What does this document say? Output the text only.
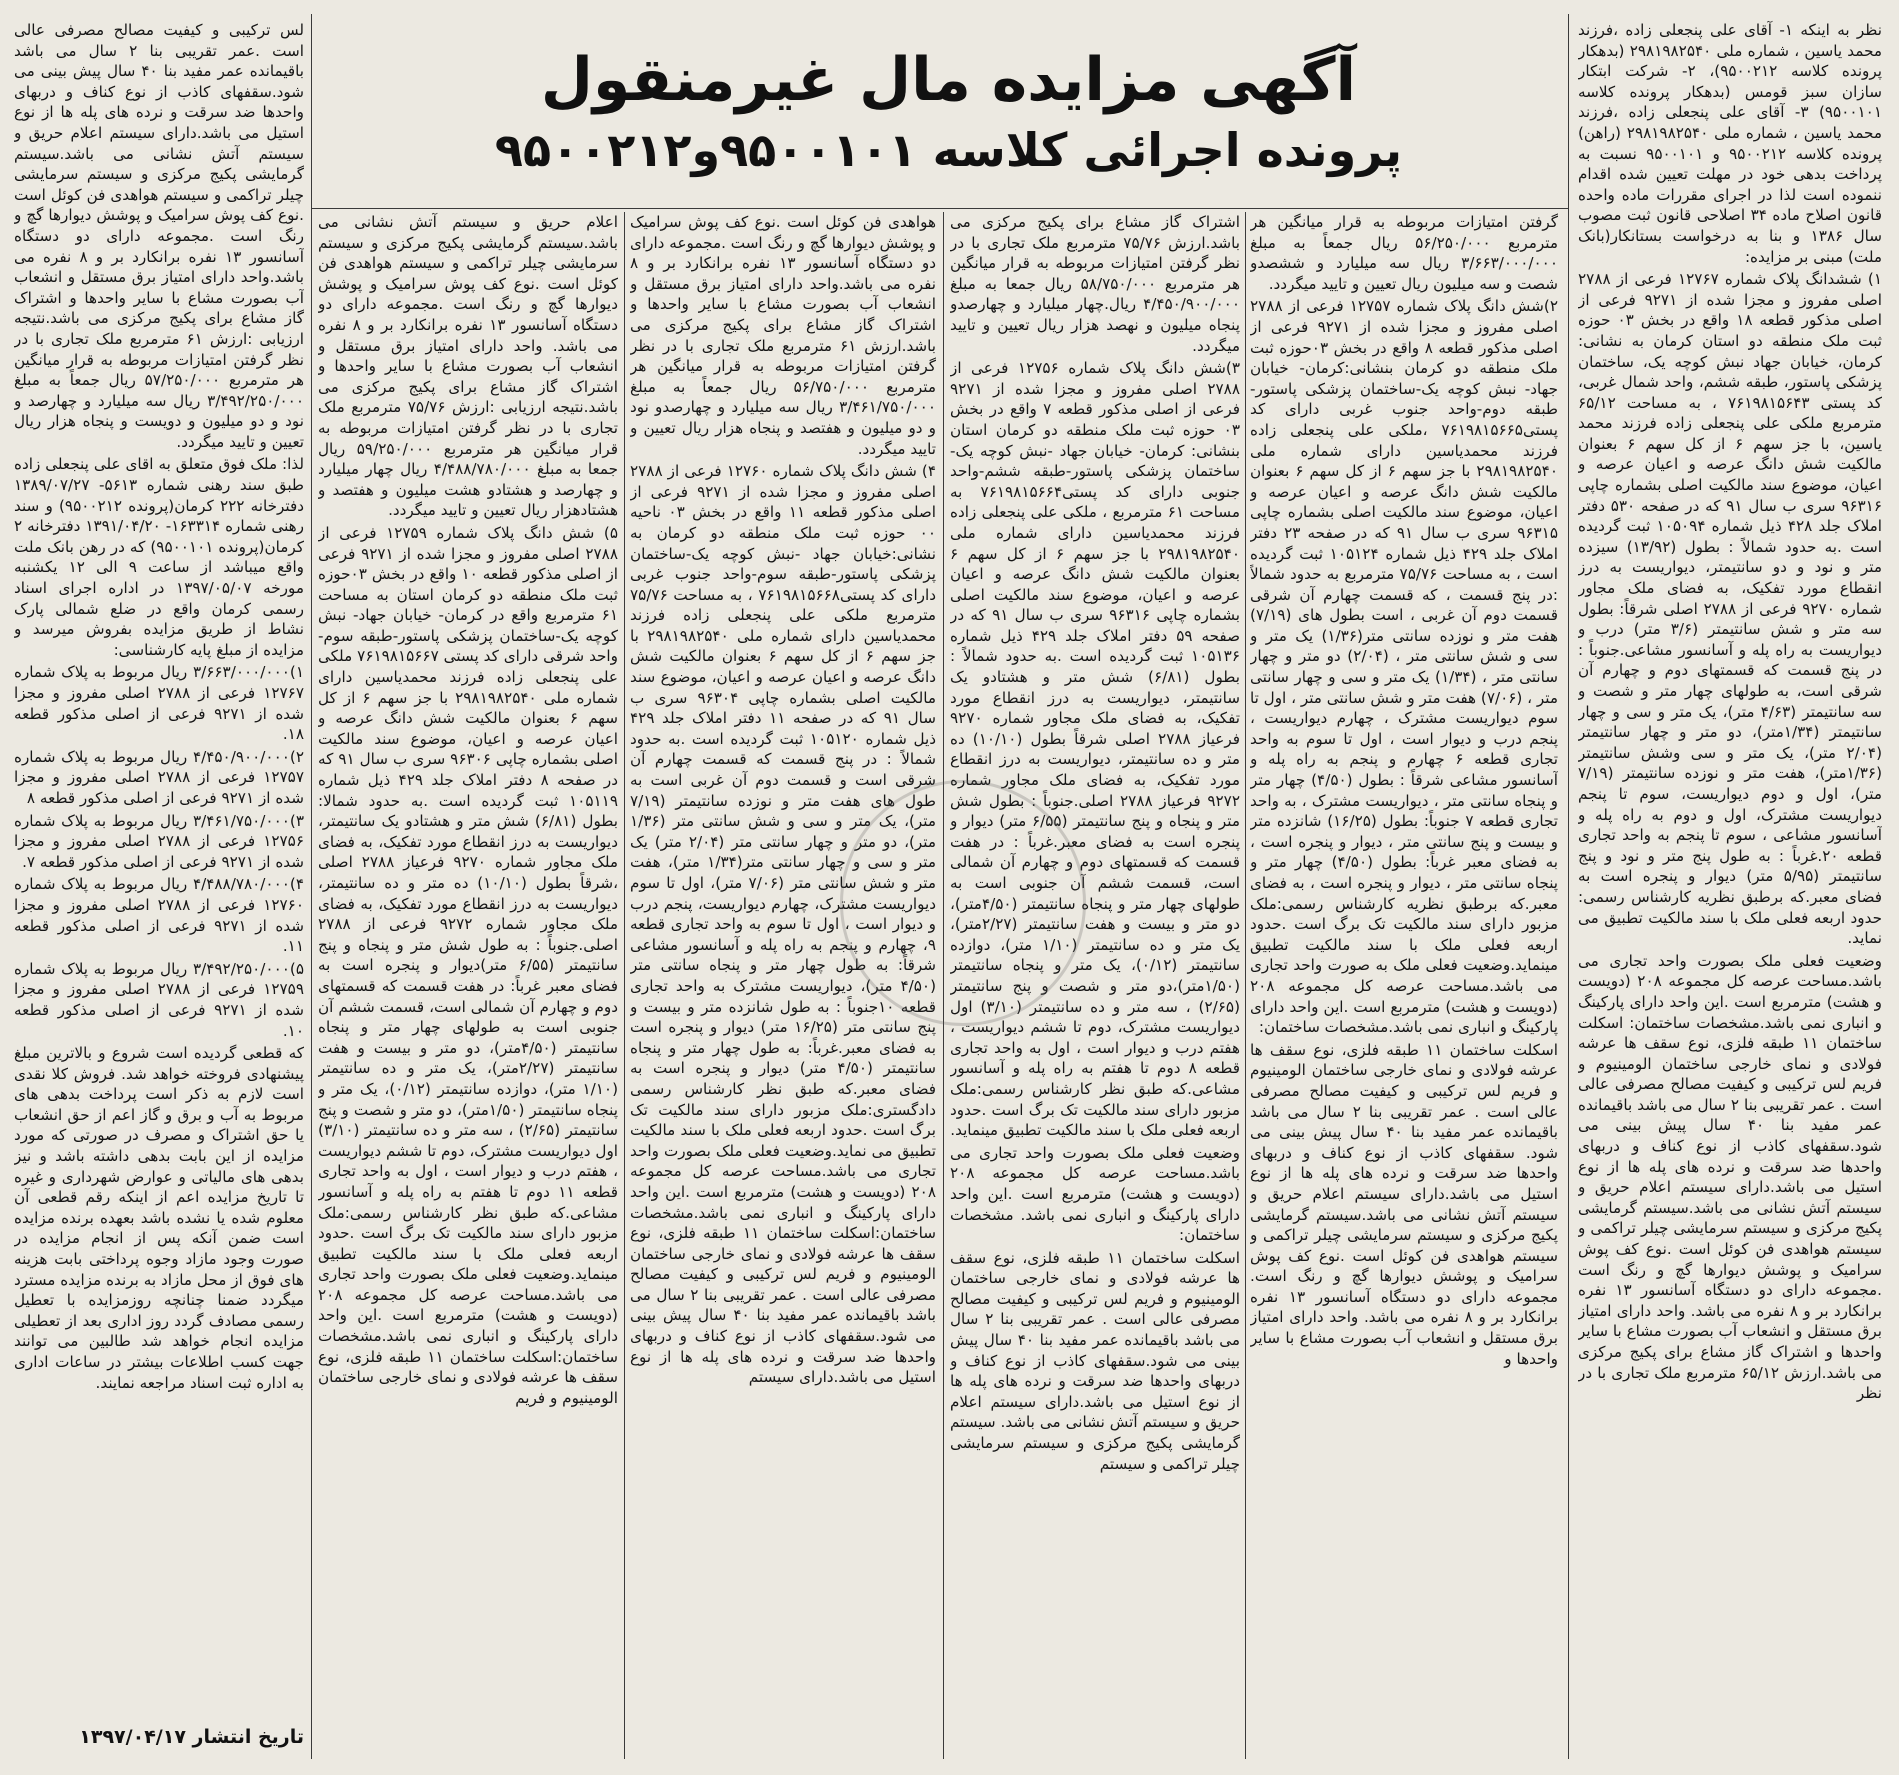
آگهی مزایده مال غیرمنقول
پرونده اجرائی کلاسه ۹۵۰۰۱۰۱و۹۵۰۰۲۱۲

نظر به اینکه ۱- آقای علی پنجعلی زاده ،فرزند محمد یاسین ، شماره ملی ۲۹۸۱۹۸۲۵۴۰ (بدهکار پرونده کلاسه ۹۵۰۰۲۱۲)، ۲- شرکت ابتکار سازان سبز قومس (بدهکار پرونده کلاسه ۹۵۰۰۱۰۱) ۳- آقای علی پنجعلی زاده ،فرزند محمد یاسین ، شماره ملی ۲۹۸۱۹۸۲۵۴۰ (راهن) پرونده کلاسه ۹۵۰۰۲۱۲ و ۹۵۰۰۱۰۱ نسبت به پرداخت بدهی خود در مهلت تعیین شده اقدام ننموده است لذا در اجرای مقررات ماده واحده قانون اصلاح ماده ۳۴ اصلاحی قانون ثبت مصوب سال ۱۳۸۶ و بنا به درخواست بستانکار(بانک ملت) مبنی بر مزایده:

۱) ششدانگ پلاک شماره ۱۲۷۶۷ فرعی از ۲۷۸۸ اصلی مفروز و مجزا شده از ۹۲۷۱ فرعی از اصلی مذکور قطعه ۱۸ واقع در بخش ۰۳ حوزه ثبت ملک منطقه دو استان کرمان به نشانی: کرمان، خیابان جهاد نبش کوچه یک، ساختمان پزشکی پاستور، طبقه ششم، واحد شمال غربی، کد پستی ۷۶۱۹۸۱۵۶۴۳ ، به مساحت ۶۵/۱۲ مترمربع ملکی علی پنجعلی زاده فرزند محمد یاسین، با جز سهم ۶ از کل سهم ۶ بعنوان مالکیت شش دانگ عرصه و اعیان عرصه و اعیان، موضوع سند مالکیت اصلی بشماره چاپی ۹۶۳۱۶ سری ب سال ۹۱ که در صفحه ۵۳۰ دفتر املاک جلد ۴۲۸ ذیل شماره ۱۰۵۰۹۴ ثبت گردیده است .به حدود شمالاً : بطول (۱۳/۹۲) سیزده متر و نود و دو سانتیمتر، دیواریست به درز انقطاع مورد تفکیک، به فضای ملک مجاور شماره ۹۲۷۰ فرعی از ۲۷۸۸ اصلی شرقاً: بطول سه متر و شش سانتیمتر (۳/۶ متر) درب و دیواریست به راه پله و آسانسور مشاعی.جنوباً : در پنج قسمت که قسمتهای دوم و چهارم آن شرقی است، به طولهای چهار متر و شصت و سه سانتیمتر (۴/۶۳ متر)، یک متر و سی و چهار سانتیمتر (۱/۳۴متر)، دو متر و چهار سانتیمتر (۲/۰۴ متر)، یک متر و سی وشش سانتیمتر (۱/۳۶متر)، هفت متر و نوزده سانتیمتر (۷/۱۹ متر)، اول و دوم دیواریست، سوم تا پنجم دیواریست مشترک، اول و دوم به راه پله و آسانسور مشاعی ، سوم تا پنجم به واحد تجاری قطعه ۲۰.غرباً : به طول پنج متر و نود و پنج سانتیمتر (۵/۹۵ متر) دیوار و پنجره است به فضای معبر.که برطبق نظریه کارشناس رسمی: حدود اربعه فعلی ملک با سند مالکیت تطبیق می نماید.

وضعیت فعلی ملک بصورت واحد تجاری می باشد.مساحت عرصه کل مجموعه ۲۰۸ (دویست و هشت) مترمربع است .این واحد دارای پارکینگ و انباری نمی باشد.مشخصات ساختمان: اسکلت ساختمان ۱۱ طبقه فلزی، نوع سقف ها عرشه فولادی و نمای خارجی ساختمان الومینیوم و فریم لس ترکیبی و کیفیت مصالح مصرفی عالی است . عمر تقریبی بنا ۲ سال می باشد باقیمانده عمر مفید بنا ۴۰ سال پیش بینی می شود.سقفهای کاذب از نوع کناف و دربهای واحدها ضد سرقت و نرده های پله ها از نوع استیل می باشد.دارای سیستم اعلام حریق و سیستم آتش نشانی می باشد.سیستم گرمایشی پکیج مرکزی و سیستم سرمایشی چیلر تراکمی و سیستم هواهدی فن کوئل است .نوع کف پوش سرامیک و پوشش دیوارها گچ و رنگ است .مجموعه دارای دو دستگاه آسانسور ۱۳ نفره برانکارد بر و ۸ نفره می باشد. واحد دارای امتیاز برق مستقل و انشعاب آب بصورت مشاع با سایر واحدها و اشتراک گاز مشاع برای پکیج مرکزی می باشد.ارزش ۶۵/۱۲ مترمربع ملک تجاری با در نظر

گرفتن امتیازات مربوطه به قرار میانگین هر مترمربع ۵۶/۲۵۰/۰۰۰ ریال جمعاً به مبلغ ۳/۶۶۳/۰۰۰/۰۰۰ ریال سه میلیارد و ششصدو شصت و سه میلیون ریال تعیین و تایید میگردد.

۲)شش دانگ پلاک شماره ۱۲۷۵۷ فرعی از ۲۷۸۸ اصلی مفروز و مجزا شده از ۹۲۷۱ فرعی از اصلی مذکور قطعه ۸ واقع در بخش ۰۳حوزه ثبت ملک منطقه دو کرمان بنشانی:کرمان- خیابان جهاد- نبش کوچه یک-ساختمان پزشکی پاستور-طبقه دوم-واحد جنوب غربی دارای کد پستی۷۶۱۹۸۱۵۶۶۵ ،ملکی علی پنجعلی زاده فرزند محمدیاسین دارای شماره ملی ۲۹۸۱۹۸۲۵۴۰ با جز سهم ۶ از کل سهم ۶ بعنوان مالکیت شش دانگ عرصه و اعیان عرصه و اعیان، موضوع سند مالکیت اصلی بشماره چاپی ۹۶۳۱۵ سری ب سال ۹۱ که در صفحه ۲۳ دفتر املاک جلد ۴۲۹ ذیل شماره ۱۰۵۱۲۴ ثبت گردیده است ، به مساحت ۷۵/۷۶ مترمربع به حدود شمالاً :در پنج قسمت ، که قسمت چهارم آن شرقی قسمت دوم آن غربی ، است بطول های (۷/۱۹) هفت متر و نوزده سانتی متر(۱/۳۶) یک متر و سی و شش سانتی متر ، (۲/۰۴) دو متر و چهار سانتی متر ، (۱/۳۴) یک متر و سی و چهار سانتی متر ، (۷/۰۶) هفت متر و شش سانتی متر ، اول تا سوم دیواریست مشترک ، چهارم دیواریست ، پنجم درب و دیوار است ، اول تا سوم به واحد تجاری قطعه ۶ چهارم و پنجم به راه پله و آسانسور مشاعی شرقاً : بطول (۴/۵۰) چهار متر و پنجاه سانتی متر ، دیواریست مشترک ، به واحد تجاری قطعه ۷ جنوباً: بطول (۱۶/۲۵) شانزده متر و بیست و پنج سانتی متر ، دیوار و پنجره است ، به فضای معبر غرباً: بطول (۴/۵۰) چهار متر و پنجاه سانتی متر ، دیوار و پنجره است ، به فضای معبر.که برطبق نظریه کارشناس رسمی:ملک مزبور دارای سند مالکیت تک برگ است .حدود اربعه فعلی ملک با سند مالکیت تطبیق مینماید.وضعیت فعلی ملک به صورت واحد تجاری می باشد.مساحت عرصه کل مجموعه ۲۰۸ (دویست و هشت) مترمربع است .این واحد دارای پارکینگ و انباری نمی باشد.مشخصات ساختمان:

اسکلت ساختمان ۱۱ طبقه فلزی، نوع سقف ها عرشه فولادی و نمای خارجی ساختمان الومینیوم و فریم لس ترکیبی و کیفیت مصالح مصرفی عالی است . عمر تقریبی بنا ۲ سال می باشد باقیمانده عمر مفید بنا ۴۰ سال پیش بینی می شود. سقفهای کاذب از نوع کناف و دربهای واحدها ضد سرقت و نرده های پله ها از نوع استیل می باشد.دارای سیستم اعلام حریق و سیستم آتش نشانی می باشد.سیستم گرمایشی پکیج مرکزی و سیستم سرمایشی چیلر تراکمی و سیستم هواهدی فن کوئل است .نوع کف پوش سرامیک و پوشش دیوارها گچ و رنگ است. مجموعه دارای دو دستگاه آسانسور ۱۳ نفره برانکارد بر و ۸ نفره می باشد. واحد دارای امتیاز برق مستقل و انشعاب آب بصورت مشاع با سایر واحدها و

اشتراک گاز مشاع برای پکیج مرکزی می باشد.ارزش ۷۵/۷۶ مترمربع ملک تجاری با در نظر گرفتن امتیازات مربوطه به قرار میانگین هر مترمربع ۵۸/۷۵۰/۰۰۰ ریال جمعا به مبلغ ۴/۴۵۰/۹۰۰/۰۰۰ ریال.چهار میلیارد و چهارصدو پنجاه میلیون و نهصد هزار ریال تعیین و تایید میگردد.

۳)شش دانگ پلاک شماره ۱۲۷۵۶ فرعی از ۲۷۸۸ اصلی مفروز و مجزا شده از ۹۲۷۱ فرعی از اصلی مذکور قطعه ۷ واقع در بخش ۰۳ حوزه ثبت ملک منطقه دو کرمان استان بنشانی: کرمان- خیابان جهاد -نبش کوچه یک-ساختمان پزشکی پاستور-طبقه ششم-واحد جنوبی دارای کد پستی۷۶۱۹۸۱۵۶۶۴ به مساحت ۶۱ مترمربع ، ملکی علی پنجعلی زاده فرزند محمدیاسین دارای شماره ملی ۲۹۸۱۹۸۲۵۴۰ با جز سهم ۶ از کل سهم ۶ بعنوان مالکیت شش دانگ عرصه و اعیان عرصه و اعیان، موضوع سند مالکیت اصلی بشماره چاپی ۹۶۳۱۶ سری ب سال ۹۱ که در صفحه ۵۹ دفتر املاک جلد ۴۲۹ ذیل شماره ۱۰۵۱۳۶ ثبت گردیده است .به حدود شمالاً : بطول (۶/۸۱) شش متر و هشتادو یک سانتیمتر، دیواریست به درز انقطاع مورد تفکیک، به فضای ملک مجاور شماره ۹۲۷۰ فرعیاز ۲۷۸۸ اصلی شرقاً بطول (۱۰/۱۰) ده متر و ده سانتیمتر، دیواریست به درز انقطاع مورد تفکیک، به فضای ملک مجاور شماره ۹۲۷۲ فرعیاز ۲۷۸۸ اصلی.جنوباً : بطول شش متر و پنجاه و پنج سانتیمتر (۶/۵۵ متر) دیوار و پنجره است به فضای معبر.غرباً : در هفت قسمت که قسمتهای دوم و چهارم آن شمالی است، قسمت ششم آن جنوبی است به طولهای چهار متر و پنجاه سانتیمتر (۴/۵۰متر)، دو متر و بیست و هفت سانتیمتر (۲/۲۷متر)، یک متر و ده سانتیمتر (۱/۱۰ متر)، دوازده سانتیمتر (۰/۱۲)، یک متر و پنجاه سانتیمتر (۱/۵۰متر)،دو متر و شصت و پنج سانتیمتر (۲/۶۵) ، سه متر و ده سانتیمتر (۳/۱۰) اول دیواریست مشترک، دوم تا ششم دیواریست ، هفتم درب و دیوار است ، اول به واحد تجاری قطعه ۸ دوم تا هفتم به راه پله و آسانسور مشاعی.که طبق نظر کارشناس رسمی:ملک مزبور دارای سند مالکیت تک برگ است .حدود اربعه فعلی ملک با سند مالکیت تطبیق مینماید.

وضعیت فعلی ملک بصورت واحد تجاری می باشد.مساحت عرصه کل مجموعه ۲۰۸ (دویست و هشت) مترمربع است .این واحد دارای پارکینگ و انباری نمی باشد. مشخصات ساختمان:

اسکلت ساختمان ۱۱ طبقه فلزی، نوع سقف ها عرشه فولادی و نمای خارجی ساختمان الومینیوم و فریم لس ترکیبی و کیفیت مصالح مصرفی عالی است . عمر تقریبی بنا ۲ سال می باشد باقیمانده عمر مفید بنا ۴۰ سال پیش بینی می شود.سقفهای کاذب از نوع کناف و دربهای واحدها ضد سرقت و نرده های پله ها از نوع استیل می باشد.دارای سیستم اعلام حریق و سیستم آتش نشانی می باشد. سیستم گرمایشی پکیج مرکزی و سیستم سرمایشی چیلر تراکمی و سیستم

هواهدی فن کوئل است .نوع کف پوش سرامیک و پوشش دیوارها گچ و رنگ است .مجموعه دارای دو دستگاه آسانسور ۱۳ نفره برانکارد بر و ۸ نفره می باشد.واحد دارای امتیاز برق مستقل و انشعاب آب بصورت مشاع با سایر واحدها و اشتراک گاز مشاع برای پکیج مرکزی می باشد.ارزش ۶۱ مترمربع ملک تجاری با در نظر گرفتن امتیازات مربوطه به قرار میانگین هر مترمربع ۵۶/۷۵۰/۰۰۰ ریال جمعاً به مبلغ ۳/۴۶۱/۷۵۰/۰۰۰ ریال سه میلیارد و چهارصدو نود و دو میلیون و هفتصد و پنجاه هزار ریال تعیین و تایید میگردد.

۴) شش دانگ پلاک شماره ۱۲۷۶۰ فرعی از ۲۷۸۸ اصلی مفروز و مجزا شده از ۹۲۷۱ فرعی از اصلی مذکور قطعه ۱۱ واقع در بخش ۰۳ ناحیه ۰۰ حوزه ثبت ملک منطقه دو کرمان به نشانی:خیابان جهاد -نبش کوچه یک-ساختمان پزشکی پاستور-طبقه سوم-واحد جنوب غربی دارای کد پستی۷۶۱۹۸۱۵۶۶۸ ، به مساحت ۷۵/۷۶ مترمربع ملکی علی پنجعلی زاده فرزند محمدیاسین دارای شماره ملی ۲۹۸۱۹۸۲۵۴۰ با جز سهم ۶ از کل سهم ۶ بعنوان مالکیت شش دانگ عرصه و اعیان عرصه و اعیان، موضوع سند مالکیت اصلی بشماره چاپی ۹۶۳۰۴ سری ب سال ۹۱ که در صفحه ۱۱ دفتر املاک جلد ۴۲۹ ذیل شماره ۱۰۵۱۲۰ ثبت گردیده است .به حدود شمالاً : در پنج قسمت که قسمت چهارم آن شرقی است و قسمت دوم آن غربی است به طول های هفت متر و نوزده سانتیمتر (۷/۱۹ متر)، یک متر و سی و شش سانتی متر (۱/۳۶ متر)، دو متر و چهار سانتی متر (۲/۰۴ متر) یک متر و سی و چهار سانتی متر(۱/۳۴ متر)، هفت متر و شش سانتی متر (۷/۰۶ متر)، اول تا سوم دیواریست مشترک، چهارم دیواریست، پنجم درب و دیوار است ، اول تا سوم به واحد تجاری قطعه ۹، چهارم و پنجم به راه پله و آسانسور مشاعی شرقاً: به طول چهار متر و پنجاه سانتی متر (۴/۵۰ متر)، دیواریست مشترک به واحد تجاری قطعه ۱۰جنوباً : به طول شانزده متر و بیست و پنج سانتی متر (۱۶/۲۵ متر) دیوار و پنجره است به فضای معبر.غرباً: به طول چهار متر و پنجاه سانتیمتر (۴/۵۰ متر) دیوار و پنجره است به فضای معبر.که طبق نظر کارشناس رسمی دادگستری:ملک مزبور دارای سند مالکیت تک برگ است .حدود اربعه فعلی ملک با سند مالکیت تطبیق می نماید.وضعیت فعلی ملک بصورت واحد تجاری می باشد.مساحت عرصه کل مجموعه ۲۰۸ (دویست و هشت) مترمربع است .این واحد دارای پارکینگ و انباری نمی باشد.مشخصات ساختمان:اسکلت ساختمان ۱۱ طبقه فلزی، نوع سقف ها عرشه فولادی و نمای خارجی ساختمان الومینیوم و فریم لس ترکیبی و کیفیت مصالح مصرفی عالی است . عمر تقریبی بنا ۲ سال می باشد باقیمانده عمر مفید بنا ۴۰ سال پیش بینی می شود.سقفهای کاذب از نوع کناف و دربهای واحدها ضد سرقت و نرده های پله ها از نوع استیل می باشد.دارای سیستم

اعلام حریق و سیستم آتش نشانی می باشد.سیستم گرمایشی پکیج مرکزی و سیستم سرمایشی چیلر تراکمی و سیستم هواهدی فن کوئل است .نوع کف پوش سرامیک و پوشش دیوارها گچ و رنگ است .مجموعه دارای دو دستگاه آسانسور ۱۳ نفره برانکارد بر و ۸ نفره می باشد. واحد دارای امتیاز برق مستقل و انشعاب آب بصورت مشاع با سایر واحدها و اشتراک گاز مشاع برای پکیج مرکزی می باشد.نتیجه ارزیابی :ارزش ۷۵/۷۶ مترمربع ملک تجاری با در نظر گرفتن امتیازات مربوطه به قرار میانگین هر مترمربع ۵۹/۲۵۰/۰۰۰ ریال جمعا به مبلغ ۴/۴۸۸/۷۸۰/۰۰۰ ریال چهار میلیارد و چهارصد و هشتادو هشت میلیون و هفتصد و هشتادهزار ریال تعیین و تایید میگردد.

۵) شش دانگ پلاک شماره ۱۲۷۵۹ فرعی از ۲۷۸۸ اصلی مفروز و مجزا شده از ۹۲۷۱ فرعی از اصلی مذکور قطعه ۱۰ واقع در بخش ۰۳حوزه ثبت ملک منطقه دو کرمان استان به مساحت ۶۱ مترمربع واقع در کرمان- خیابان جهاد- نبش کوچه یک-ساختمان پزشکی پاستور-طبقه سوم-واحد شرقی دارای کد پستی ۷۶۱۹۸۱۵۶۶۷ ملکی علی پنجعلی زاده فرزند محمدیاسین دارای شماره ملی ۲۹۸۱۹۸۲۵۴۰ با جز سهم ۶ از کل سهم ۶ بعنوان مالکیت شش دانگ عرصه و اعیان عرصه و اعیان، موضوع سند مالکیت اصلی بشماره چاپی ۹۶۳۰۶ سری ب سال ۹۱ که در صفحه ۸ دفتر املاک جلد ۴۲۹ ذیل شماره ۱۰۵۱۱۹ ثبت گردیده است .به حدود شمالا: بطول (۶/۸۱) شش متر و هشتادو یک سانتیمتر، دیواریست به درز انقطاع مورد تفکیک، به فضای ملک مجاور شماره ۹۲۷۰ فرعیاز ۲۷۸۸ اصلی ،شرقاً بطول (۱۰/۱۰) ده متر و ده سانتیمتر، دیواریست به درز انقطاع مورد تفکیک، به فضای ملک مجاور شماره ۹۲۷۲ فرعی از ۲۷۸۸ اصلی.جنوباً : به طول شش متر و پنجاه و پنج سانتیمتر (۶/۵۵ متر)دیوار و پنجره است به فضای معبر غرباً: در هفت قسمت که قسمتهای دوم و چهارم آن شمالی است، قسمت ششم آن جنوبی است به طولهای چهار متر و پنجاه سانتیمتر (۴/۵۰متر)، دو متر و بیست و هفت سانتیمتر (۲/۲۷متر)، یک متر و ده سانتیمتر (۱/۱۰ متر)، دوازده سانتیمتر (۰/۱۲)، یک متر و پنجاه سانتیمتر (۱/۵۰متر)، دو متر و شصت و پنج سانتیمتر (۲/۶۵) ، سه متر و ده سانتیمتر (۳/۱۰) اول دیواریست مشترک، دوم تا ششم دیواریست ، هفتم درب و دیوار است ، اول به واحد تجاری قطعه ۱۱ دوم تا هفتم به راه پله و آسانسور مشاعی.که طبق نظر کارشناس رسمی:ملک مزبور دارای سند مالکیت تک برگ است .حدود اربعه فعلی ملک با سند مالکیت تطبیق مینماید.وضعیت فعلی ملک بصورت واحد تجاری می باشد.مساحت عرصه کل مجموعه ۲۰۸ (دویست و هشت) مترمربع است .این واحد دارای پارکینگ و انباری نمی باشد.مشخصات ساختمان:اسکلت ساختمان ۱۱ طبقه فلزی، نوع سقف ها عرشه فولادی و نمای خارجی ساختمان الومینیوم و فریم

لس ترکیبی و کیفیت مصالح مصرفی عالی است .عمر تقریبی بنا ۲ سال می باشد باقیمانده عمر مفید بنا ۴۰ سال پیش بینی می شود.سقفهای کاذب از نوع کناف و دربهای واحدها ضد سرقت و نرده های پله ها از نوع استیل می باشد.دارای سیستم اعلام حریق و سیستم آتش نشانی می باشد.سیستم گرمایشی پکیج مرکزی و سیستم سرمایشی چیلر تراکمی و سیستم هواهدی فن کوئل است .نوع کف پوش سرامیک و پوشش دیوارها گچ و رنگ است .مجموعه دارای دو دستگاه آسانسور ۱۳ نفره برانکارد بر و ۸ نفره می باشد.واحد دارای امتیاز برق مستقل و انشعاب آب بصورت مشاع با سایر واحدها و اشتراک گاز مشاع برای پکیج مرکزی می باشد.نتیجه ارزیابی :ارزش ۶۱ مترمربع ملک تجاری با در نظر گرفتن امتیازات مربوطه به قرار میانگین هر مترمربع ۵۷/۲۵۰/۰۰۰ ریال جمعاً به مبلغ ۳/۴۹۲/۲۵۰/۰۰۰ ریال سه میلیارد و چهارصد و نود و دو میلیون و دویست و پنجاه هزار ریال تعیین و تایید میگردد.

لذا: ملک فوق متعلق به اقای علی پنجعلی زاده طبق سند رهنی شماره ۵۶۱۳- ۱۳۸۹/۰۷/۲۷ دفترخانه ۲۲۲ کرمان(پرونده ۹۵۰۰۲۱۲) و سند رهنی شماره ۱۶۳۳۱۴- ۱۳۹۱/۰۴/۲۰ دفترخانه ۲ کرمان(پرونده ۹۵۰۰۱۰۱) که در رهن بانک ملت واقع میباشد از ساعت ۹ الی ۱۲ یکشنبه مورخه ۱۳۹۷/۰۵/۰۷ در اداره اجرای اسناد رسمی کرمان واقع در ضلع شمالی پارک نشاط از طریق مزایده بفروش میرسد و مزایده از مبلغ پایه کارشناسی:

۱)۳/۶۶۳/۰۰۰/۰۰۰ ریال مربوط به پلاک شماره ۱۲۷۶۷ فرعی از ۲۷۸۸ اصلی مفروز و مجزا شده از ۹۲۷۱ فرعی از اصلی مذکور قطعه ۱۸.

۲)۴/۴۵۰/۹۰۰/۰۰۰ ریال مربوط به پلاک شماره ۱۲۷۵۷ فرعی از ۲۷۸۸ اصلی مفروز و مجزا شده از ۹۲۷۱ فرعی از اصلی مذکور قطعه ۸

۳)۳/۴۶۱/۷۵۰/۰۰۰ ریال مربوط به پلاک شماره ۱۲۷۵۶ فرعی از ۲۷۸۸ اصلی مفروز و مجزا شده از ۹۲۷۱ فرعی از اصلی مذکور قطعه ۷.

۴)۴/۴۸۸/۷۸۰/۰۰۰ ریال مربوط به پلاک شماره ۱۲۷۶۰ فرعی از ۲۷۸۸ اصلی مفروز و مجزا شده از ۹۲۷۱ فرعی از اصلی مذکور قطعه ۱۱.

۵)۳/۴۹۲/۲۵۰/۰۰۰ ریال مربوط به پلاک شماره ۱۲۷۵۹ فرعی از ۲۷۸۸ اصلی مفروز و مجزا شده از ۹۲۷۱ فرعی از اصلی مذکور قطعه ۱۰.

که قطعی گردیده است شروع و بالاترین مبلغ پیشنهادی فروخته خواهد شد. فروش کلا نقدی است لازم به ذکر است پرداخت بدهی های مربوط به آب و برق و گاز اعم از حق انشعاب یا حق اشتراک و مصرف در صورتی که مورد مزایده از این بابت بدهی داشته باشد و نیز بدهی های مالیاتی و عوارض شهرداری و غیره تا تاریخ مزایده اعم از اینکه رقم قطعی آن معلوم شده یا نشده باشد بعهده برنده مزایده است ضمن آنکه پس از انجام مزایده در صورت وجود مازاد وجوه پرداختی بابت هزینه های فوق از محل مازاد به برنده مزایده مسترد میگردد ضمنا چنانچه روزمزایده با تعطیل رسمی مصادف گردد روز اداری بعد از تعطیلی مزایده انجام خواهد شد طالبین می توانند جهت کسب اطلاعات بیشتر در ساعات اداری به اداره ثبت اسناد مراجعه نمایند.

تاریخ انتشار ۱۳۹۷/۰۴/۱۷
